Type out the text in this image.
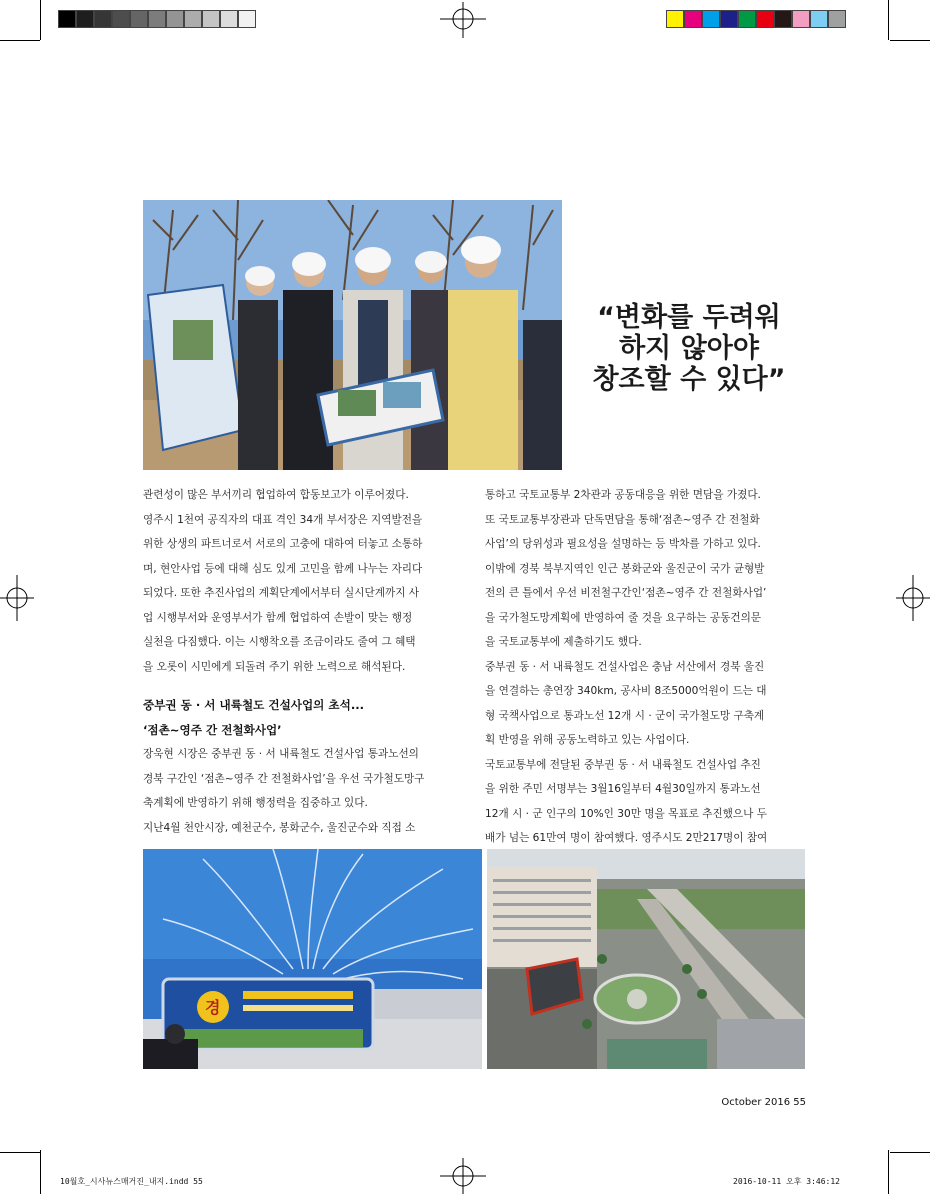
“변화를 두려워
하지 않아야
창조할 수 있다”

관련성이 많은 부서끼리 협업하여 합동보고가 이루어졌다.

영주시 1천여 공직자의 대표 격인 34개 부서장은 지역발전을

위한 상생의 파트너로서 서로의 고충에 대하여 터놓고 소통하

며, 현안사업 등에 대해 심도 있게 고민을 함께 나누는 자리다

되었다. 또한 추진사업의 계획단계에서부터 실시단계까지 사

업 시행부서와 운영부서가 함께 협업하여 손발이 맞는 행정

실천을 다짐했다. 이는 시행착오를 조금이라도 줄여 그 혜택

을 오롯이 시민에게 되돌려 주기 위한 노력으로 해석된다.

중부권 동 · 서 내륙철도 건설사업의 초석...
‘점촌~영주 간 전철화사업’

장욱현 시장은 중부권 동 · 서 내륙철도 건설사업 통과노선의

경북 구간인 ‘점촌~영주 간 전철화사업’을 우선 국가철도망구

축계획에 반영하기 위해 행정력을 집중하고 있다.

지난4월 천안시장, 예천군수, 봉화군수, 울진군수와 직접 소

통하고 국토교통부 2차관과 공동대응을 위한 면담을 가졌다.

또 국토교통부장관과 단독면담을 통해‘점촌~영주 간 전철화

사업’의 당위성과 필요성을 설명하는 등 박차를 가하고 있다.

이밖에 경북 북부지역인 인근 봉화군와 울진군이 국가 균형발

전의 큰 틀에서 우선 비전철구간인‘점촌~영주 간 전철화사업’

을 국가철도망계획에 반영하여 줄 것을 요구하는 공동건의문

을 국토교통부에 제출하기도 했다.

중부권 동 · 서 내륙철도 건설사업은 충남 서산에서 경북 울진

을 연결하는 총연장 340km, 공사비 8조5000억원이 드는 대

형 국책사업으로 통과노선 12개 시 · 군이 국가철도망 구축계

획 반영을 위해 공동노력하고 있는 사업이다.

국토교통부에 전달된 중부권 동 · 서 내륙철도 건설사업 추진

을 위한 주민 서명부는 3월16일부터 4월30일까지 통과노선

12개 시 · 군 인구의 10%인 30만 명을 목표로 추진했으나 두

배가 넘는 61만여 명이 참여했다. 영주시도 2만217명이 참여

경
October 2016 55
10월호_시사뉴스매거진_내지.indd 55	2016-10-11 오후 3:46:12
